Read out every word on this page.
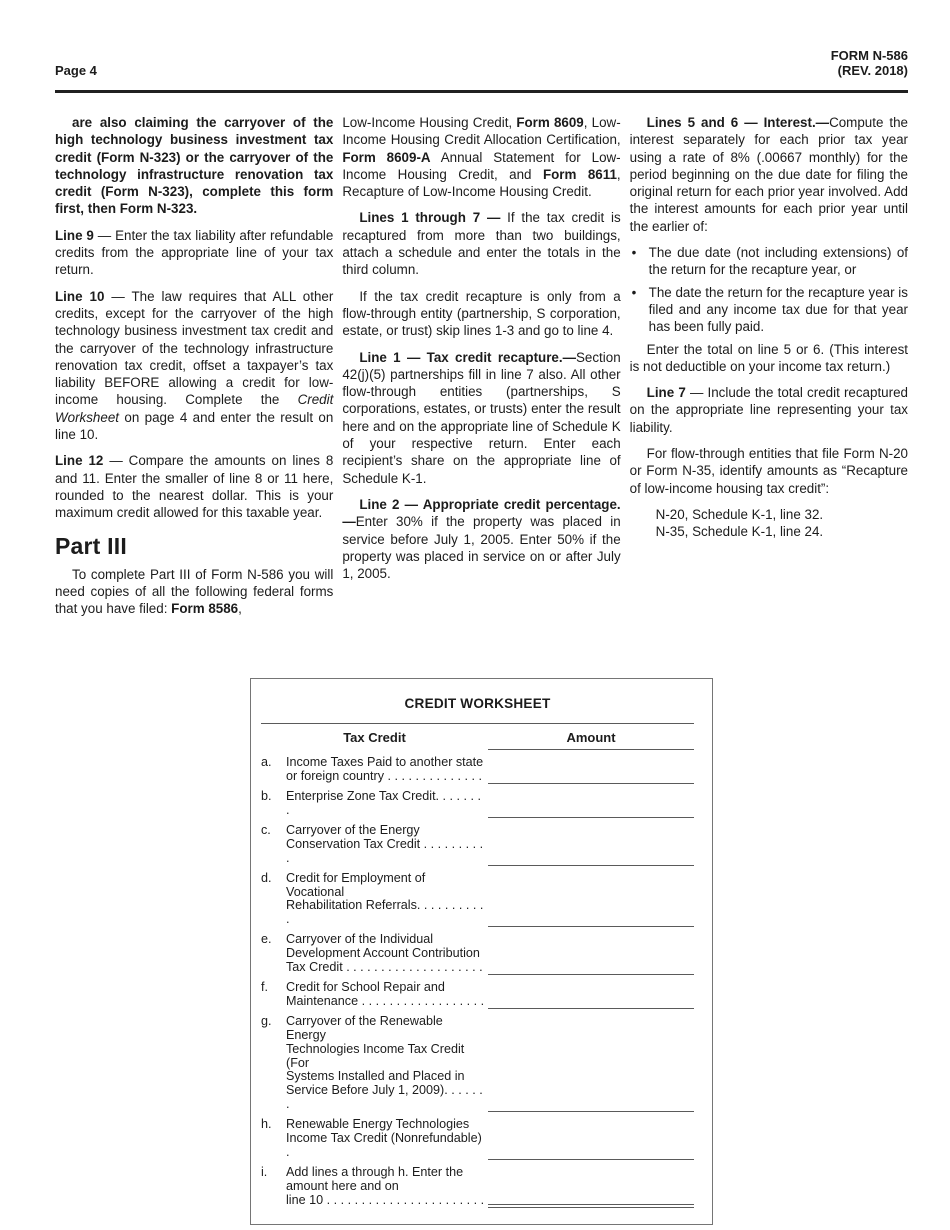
Page 4
FORM N-586
(REV. 2018)

are also claiming the carryover of the high technology business investment tax credit (Form N-323) or the carryover of the technology infrastructure renovation tax credit (Form N-323), complete this form first, then Form N-323.

Line 9 — Enter the tax liability after refundable credits from the appropriate line of your tax return.

Line 10 — The law requires that ALL other credits, except for the carryover of the high technology business investment tax credit and the carryover of the technology infrastructure renovation tax credit, offset a taxpayer’s tax liability BEFORE allowing a credit for low-income housing. Complete the Credit Worksheet on page 4 and enter the result on line 10.

Line 12 — Compare the amounts on lines 8 and 11. Enter the smaller of line 8 or 11 here, rounded to the nearest dollar. This is your maximum credit allowed for this taxable year.

Part III

To complete Part III of Form N-586 you will need copies of all the following federal forms that you have filed: Form 8586,

Low-Income Housing Credit, Form 8609, Low-Income Housing Credit Allocation Certification, Form 8609-A Annual Statement for Low-Income Housing Credit, and Form 8611, Recapture of Low-Income Housing Credit.

Lines 1 through 7 — If the tax credit is recaptured from more than two buildings, attach a schedule and enter the totals in the third column.

If the tax credit recapture is only from a flow-through entity (partnership, S corporation, estate, or trust) skip lines 1-3 and go to line 4.

Line 1 — Tax credit recapture.—Section 42(j)(5) partnerships fill in line 7 also. All other flow-through entities (partnerships, S corporations, estates, or trusts) enter the result here and on the appropriate line of Schedule K of your respective return. Enter each recipient’s share on the appropriate line of Schedule K-1.

Line 2 — Appropriate credit percentage.—Enter 30% if the property was placed in service before July 1, 2005. Enter 50% if the property was placed in service on or after July 1, 2005.

Lines 5 and 6 — Interest.—Compute the interest separately for each prior tax year using a rate of 8% (.00667 monthly) for the period beginning on the due date for filing the original return for each prior year involved. Add the interest amounts for each prior year until the earlier of:

• The due date (not including extensions) of the return for the recapture year, or
• The date the return for the recapture year is filed and any income tax due for that year has been fully paid.

Enter the total on line 5 or 6. (This interest is not deductible on your income tax return.)

Line 7 — Include the total credit recaptured on the appropriate line representing your tax liability.

For flow-through entities that file Form N-20 or Form N-35, identify amounts as “Recapture of low-income housing tax credit”:

N-20, Schedule K-1, line 32.
N-35, Schedule K-1, line 24.
CREDIT WORKSHEET
Tax Credit	Amount
a.	Income Taxes Paid to another state
or foreign country . . . . . . . . . . . . . .
b.	Enterprise Zone Tax Credit. . . . . . . .
c.	Carryover of the Energy
Conservation Tax Credit . . . . . . . . . .
d.	Credit for Employment of Vocational
Rehabilitation Referrals. . . . . . . . . . .
e.	Carryover of the Individual
Development Account Contribution
Tax Credit . . . . . . . . . . . . . . . . . . . .
f.	Credit for School Repair and
Maintenance . . . . . . . . . . . . . . . . . .
g.	Carryover of the Renewable Energy
Technologies Income Tax Credit (For
Systems Installed and Placed in
Service Before July 1, 2009). . . . . . .
h.	Renewable Energy Technologies
Income Tax Credit (Nonrefundable) .
i.	Add lines a through h. Enter the
amount here and on
line 10 . . . . . . . . . . . . . . . . . . . . . . .
